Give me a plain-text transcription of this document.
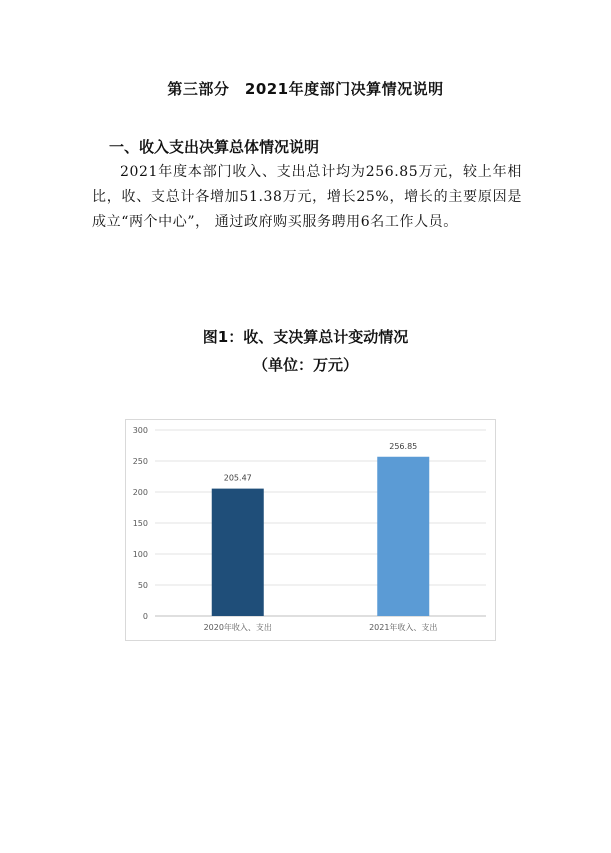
第三部分　2021年度部门决算情况说明
一、收入支出决算总体情况说明

2021年度本部门收入、支出总计均为256.85万元，较上年相比，收、支总计各增加51.38万元，增长25%，增长的主要原因是成立“两个中心”， 通过政府购买服务聘用6名工作人员。

图1：收、支决算总计变动情况
（单位：万元）
0
50
100
150
200
250
300
205.47
2020年收入、支出
256.85
2021年收入、支出
